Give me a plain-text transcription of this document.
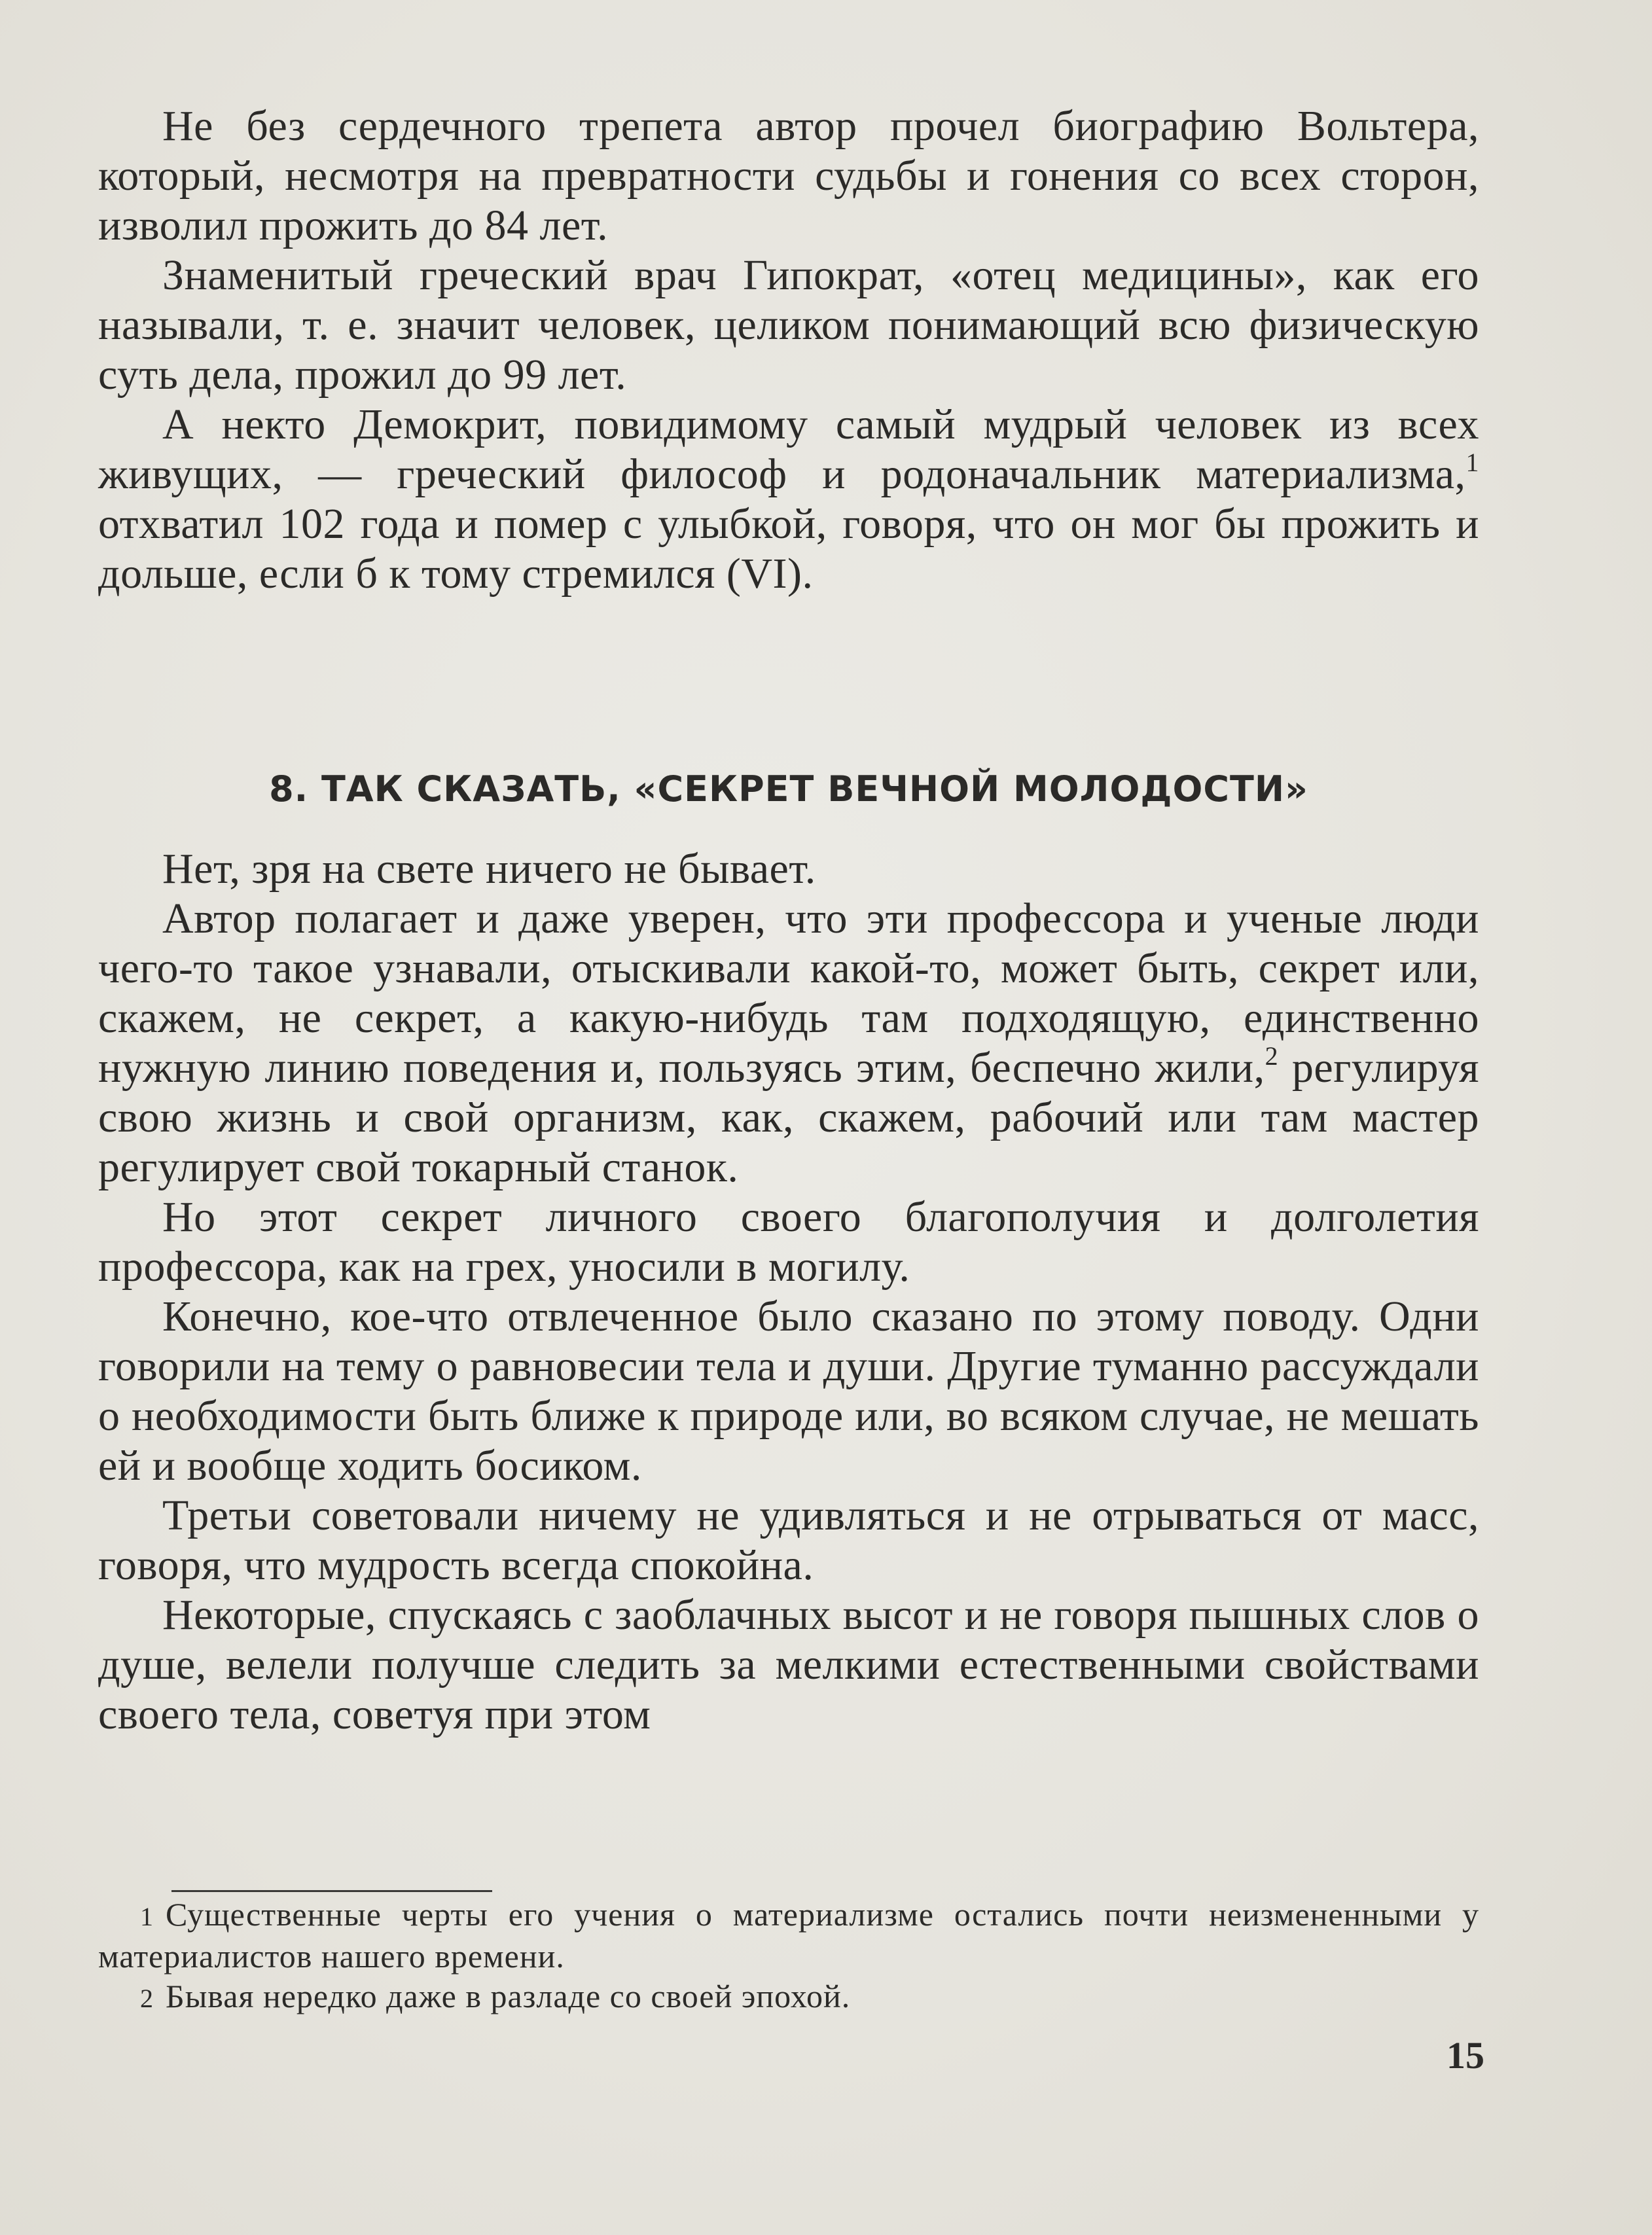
Не без сердечного трепета автор прочел биографию Вольтера, который, несмотря на превратности судьбы и гонения со всех сторон, изволил прожить до 84 лет.

Знаменитый греческий врач Гипократ, «отец медицины», как его называли, т. е. значит человек, целиком понимающий всю физическую суть дела, прожил до 99 лет.

А некто Демокрит, повидимому самый мудрый человек из всех живущих, — греческий философ и родоначальник материализма,$^1$ отхватил 102 года и помер с улыбкой, говоря, что он мог бы прожить и дольше, если б к тому стремился (VI).

8. ТАК СКАЗАТЬ, «СЕКРЕТ ВЕЧНОЙ МОЛОДОСТИ»

Нет, зря на свете ничего не бывает.

Автор полагает и даже уверен, что эти профессора и ученые люди чего-то такое узнавали, отыскивали какой-то, может быть, секрет или, скажем, не секрет, а какую-нибудь там подходящую, единственно нужную линию поведения и, пользуясь этим, беспечно жили,$^2$ регулируя свою жизнь и свой организм, как, скажем, рабочий или там мастер регулирует свой токарный станок.

Но этот секрет личного своего благополучия и долголетия профессора, как на грех, уносили в могилу.

Конечно, кое-что отвлеченное было сказано по этому поводу. Одни говорили на тему о равновесии тела и души. Другие туманно рассуждали о необходимости быть ближе к природе или, во всяком случае, не мешать ей и вообще ходить босиком.

Третьи советовали ничему не удивляться и не отрываться от масс, говоря, что мудрость всегда спокойна.

Некоторые, спускаясь с заоблачных высот и не говоря пышных слов о душе, велели получше следить за мелкими естественными свойствами своего тела, советуя при этом

1 Существенные черты его учения о материализме остались почти неизмененными у материалистов нашего времени.

2 Бывая нередко даже в разладе со своей эпохой.

15
